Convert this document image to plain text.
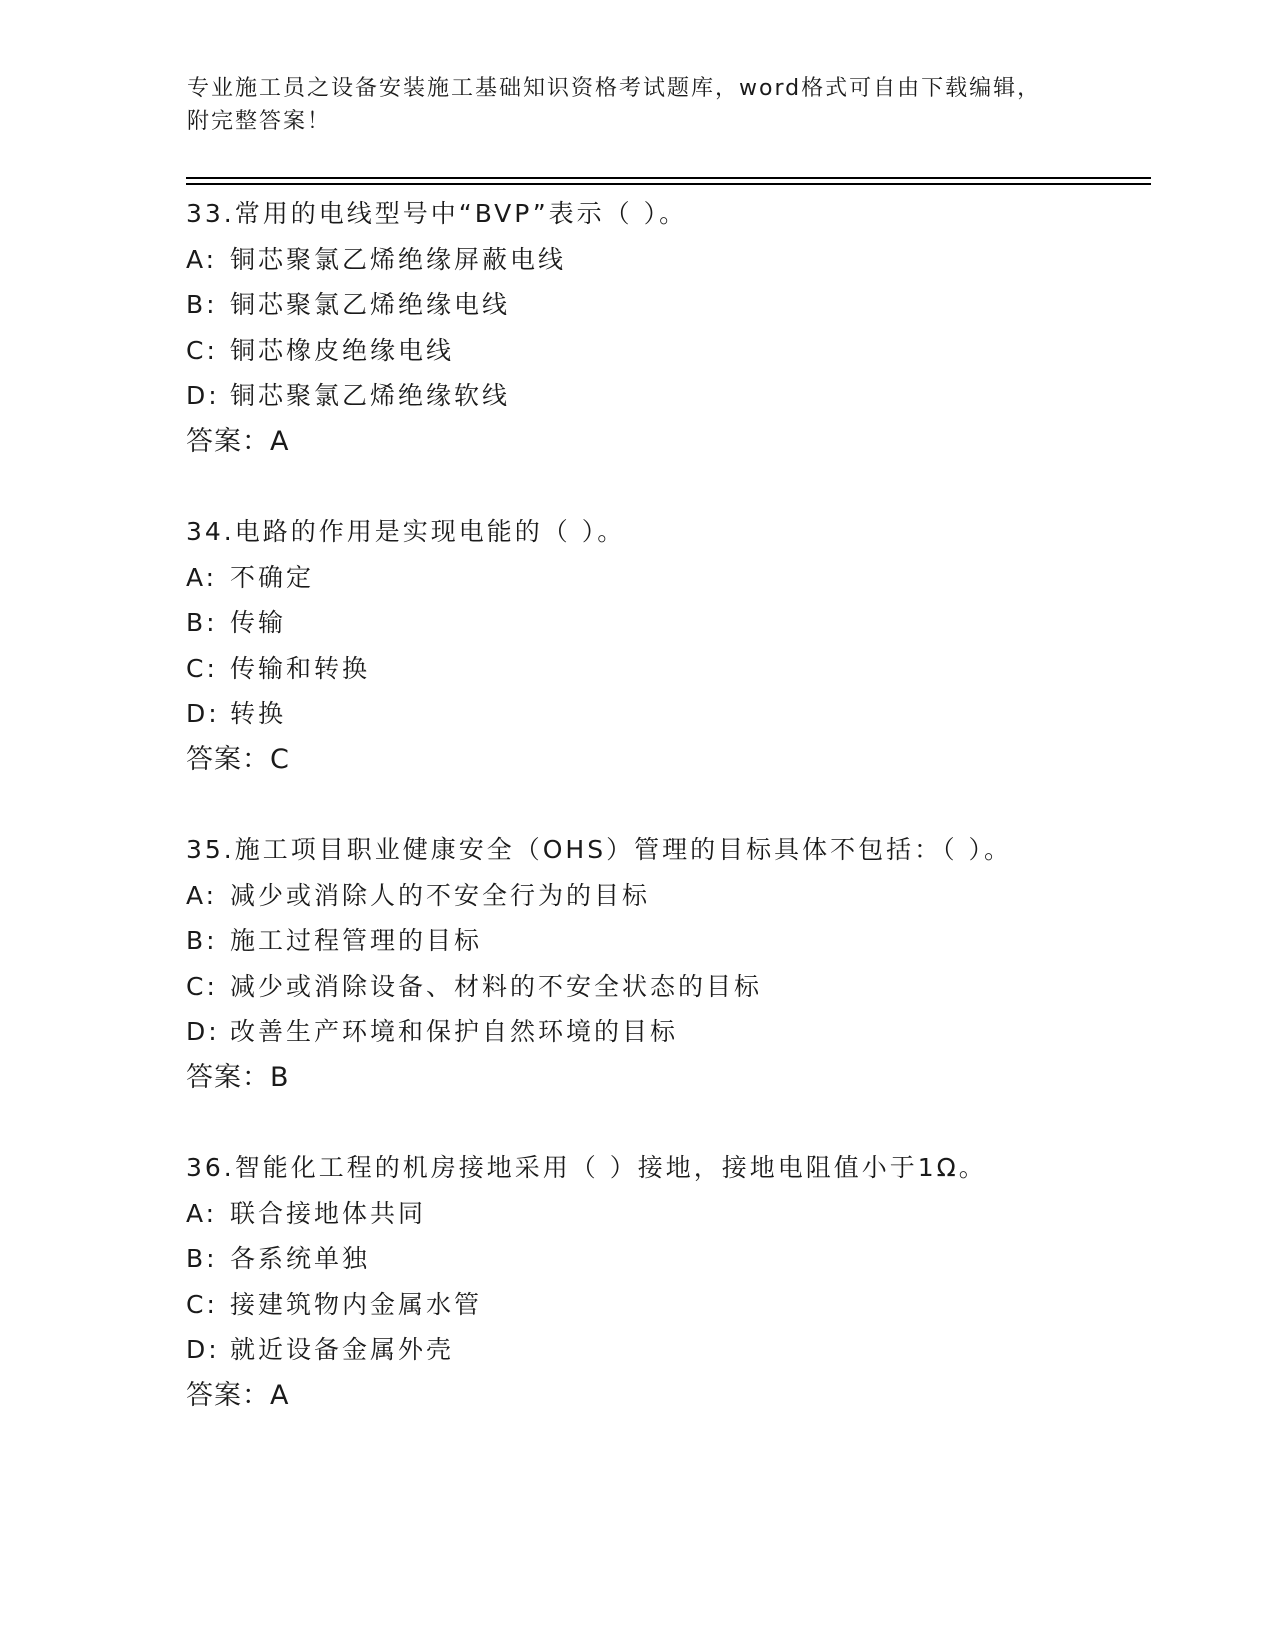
专业施工员之设备安装施工基础知识资格考试题库，word格式可自由下载编辑，
附完整答案！
33.常用的电线型号中“BVP”表示（ ）。
A: 铜芯聚氯乙烯绝缘屏蔽电线
B: 铜芯聚氯乙烯绝缘电线
C: 铜芯橡皮绝缘电线
D: 铜芯聚氯乙烯绝缘软线
答案：A
34.电路的作用是实现电能的（ ）。
A: 不确定
B: 传输
C: 传输和转换
D: 转换
答案：C
35.施工项目职业健康安全（OHS）管理的目标具体不包括：（ ）。
A: 减少或消除人的不安全行为的目标
B: 施工过程管理的目标
C: 减少或消除设备、材料的不安全状态的目标
D: 改善生产环境和保护自然环境的目标
答案：B
36.智能化工程的机房接地采用（ ）接地，接地电阻值小于1Ω。
A: 联合接地体共同
B: 各系统单独
C: 接建筑物内金属水管
D: 就近设备金属外壳
答案：A
